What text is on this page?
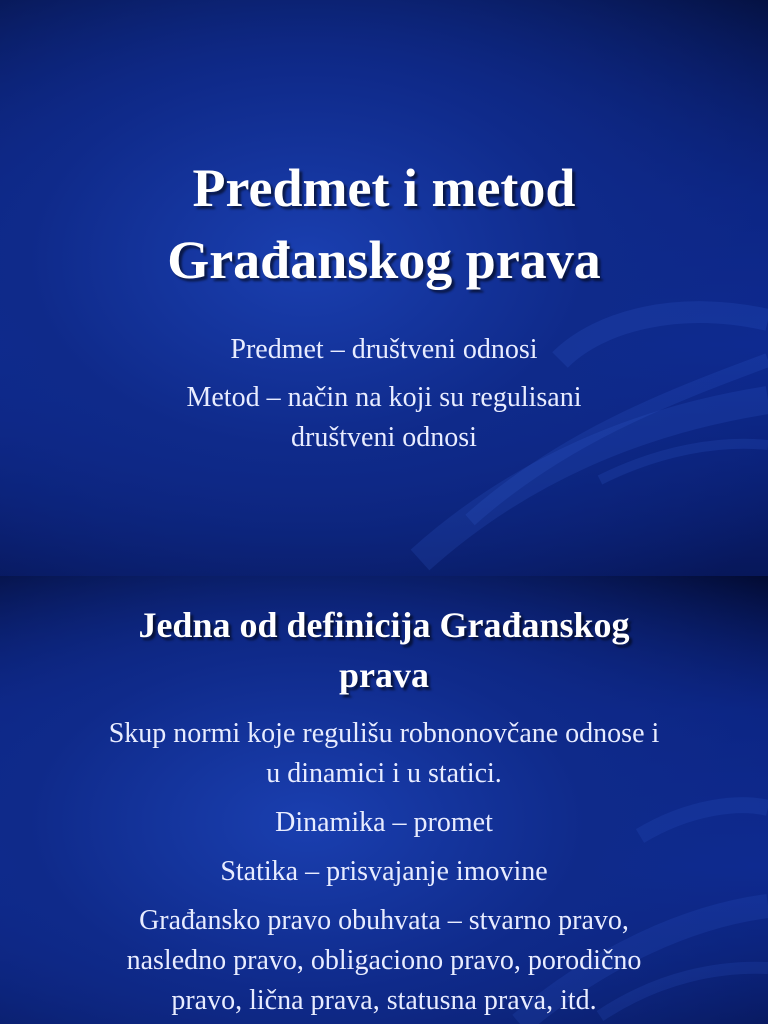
Predmet i metod
Građanskog prava
Predmet – društveni odnosi
Metod – način na koji su regulisani
društveni odnosi
Jedna od definicija Građanskog
prava
Skup normi koje regulišu robnonovčane odnose i
u dinamici i u statici.
Dinamika – promet
Statika – prisvajanje imovine
Građansko pravo obuhvata – stvarno pravo,
nasledno pravo, obligaciono pravo, porodično
pravo, lična prava, statusna prava, itd.
